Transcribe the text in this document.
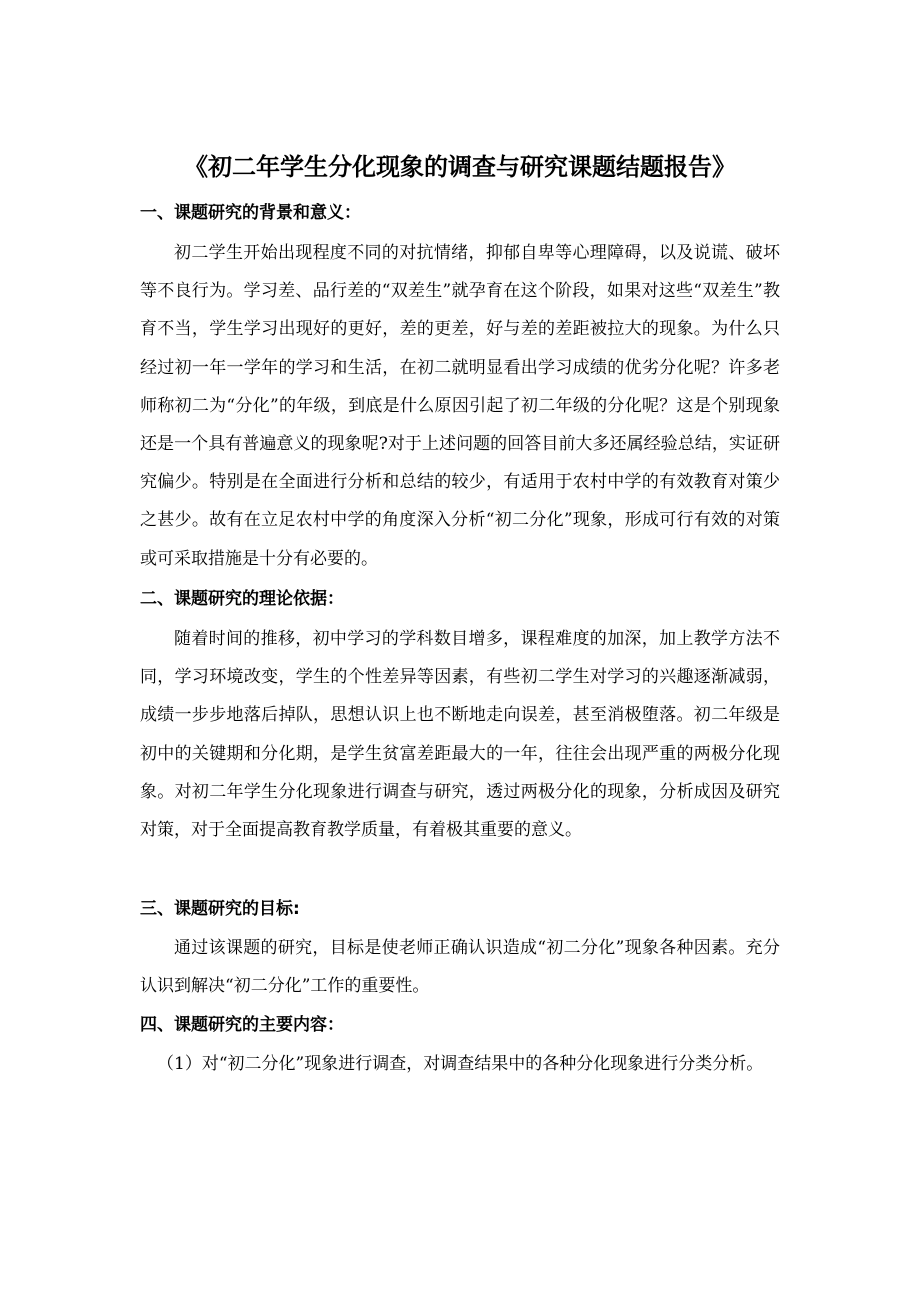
《初二年学生分化现象的调查与研究课题结题报告》
一、课题研究的背景和意义：
初二学生开始出现程度不同的对抗情绪，抑郁自卑等心理障碍，以及说谎、破坏等不良行为。学习差、品行差的“双差生”就孕育在这个阶段，如果对这些“双差生”教育不当，学生学习出现好的更好，差的更差，好与差的差距被拉大的现象。为什么只经过初一年一学年的学习和生活，在初二就明显看出学习成绩的优劣分化呢？许多老师称初二为“分化”的年级，到底是什么原因引起了初二年级的分化呢？这是个别现象还是一个具有普遍意义的现象呢?对于上述问题的回答目前大多还属经验总结，实证研究偏少。特别是在全面进行分析和总结的较少，有适用于农村中学的有效教育对策少之甚少。故有在立足农村中学的角度深入分析“初二分化”现象，形成可行有效的对策或可采取措施是十分有必要的。
二、课题研究的理论依据：
随着时间的推移，初中学习的学科数目增多，课程难度的加深，加上教学方法不同，学习环境改变，学生的个性差异等因素，有些初二学生对学习的兴趣逐渐减弱，成绩一步步地落后掉队，思想认识上也不断地走向误差，甚至消极堕落。初二年级是初中的关键期和分化期，是学生贫富差距最大的一年，往往会出现严重的两极分化现象。对初二年学生分化现象进行调查与研究，透过两极分化的现象，分析成因及研究对策，对于全面提高教育教学质量，有着极其重要的意义。
三、课题研究的目标:
通过该课题的研究，目标是使老师正确认识造成“初二分化”现象各种因素。充分认识到解决“初二分化”工作的重要性。
四、课题研究的主要内容：
（1）对“初二分化”现象进行调查，对调查结果中的各种分化现象进行分类分析。
